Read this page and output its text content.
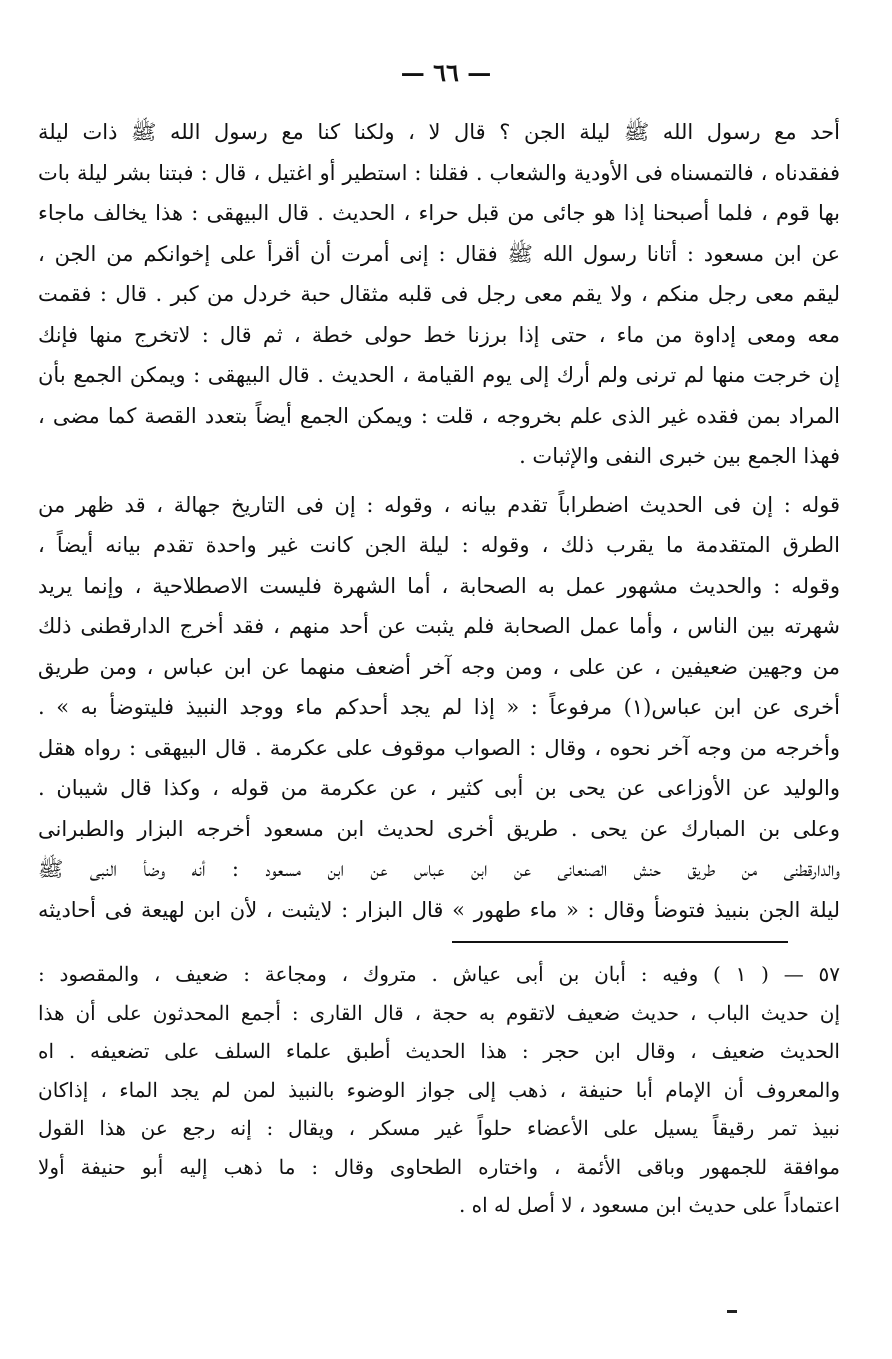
— ٦٦ —
أحد مع رسول الله ﷺ ليلة الجن ؟ قال لا ، ولكنا كنا مع رسول الله ﷺ ذات ليلة
ففقدناه ، فالتمسناه فى الأودية والشعاب . فقلنا : استطير أو اغتيل ، قال : فبتنا بشر ليلة بات
بها قوم ، فلما أصبحنا إذا هو جائى من قبل حراء ، الحديث . قال البيهقى : هذا يخالف ماجاء
عن ابن مسعود : أتانا رسول الله ﷺ فقال : إنى أمرت أن أقرأ على إخوانكم من الجن ،
ليقم معى رجل منكم ، ولا يقم معى رجل فى قلبه مثقال حبة خردل من كبر . قال : فقمت
معه ومعى إداوة من ماء ، حتى إذا برزنا خط حولى خطة ، ثم قال : لاتخرج منها فإنك
إن خرجت منها لم ترنى ولم أرك إلى يوم القيامة ، الحديث . قال البيهقى : ويمكن الجمع بأن
المراد بمن فقده غير الذى علم بخروجه ، قلت : ويمكن الجمع أيضاً بتعدد القصة كما مضى ،
فهذا الجمع بين خبرى النفى والإثبات .
قوله : إن فى الحديث اضطراباً تقدم بيانه ، وقوله : إن فى التاريخ جهالة ، قد ظهر من
الطرق المتقدمة ما يقرب ذلك ، وقوله : ليلة الجن كانت غير واحدة تقدم بيانه أيضاً ،
وقوله : والحديث مشهور عمل به الصحابة ، أما الشهرة فليست الاصطلاحية ، وإنما يريد
شهرته بين الناس ، وأما عمل الصحابة فلم يثبت عن أحد منهم ، فقد أخرج الدارقطنى ذلك
من وجهين ضعيفين ، عن على ، ومن وجه آخر أضعف منهما عن ابن عباس ، ومن طريق
أخرى عن ابن عباس(١) مرفوعاً : « إذا لم يجد أحدكم ماء ووجد النبيذ فليتوضأ به » .
وأخرجه من وجه آخر نحوه ، وقال : الصواب موقوف على عكرمة . قال البيهقى : رواه هقل
والوليد عن الأوزاعى عن يحى بن أبى كثير ، عن عكرمة من قوله ، وكذا قال شيبان .
وعلى بن المبارك عن يحى . طريق أخرى لحديث ابن مسعود أخرجه البزار والطبرانى
والدارقطنى من طريق حنش الصنعانى عن ابن عباس عن ابن مسعود : أنه وضأ النبى ﷺ
ليلة الجن بنبيذ فتوضأ وقال : « ماء طهور » قال البزار : لايثبت ، لأن ابن لهيعة فى أحاديثه
٥٧ — ( ١ ) وفيه : أبان بن أبى عياش . متروك ، ومجاعة : ضعيف ، والمقصود :
إن حديث الباب ، حديث ضعيف لاتقوم به حجة ، قال القارى : أجمع المحدثون على أن هذا
الحديث ضعيف ، وقال ابن حجر : هذا الحديث أطبق علماء السلف على تضعيفه . اه
والمعروف أن الإمام أبا حنيفة ، ذهب إلى جواز الوضوء بالنبيذ لمن لم يجد الماء ، إذاكان
نبيذ تمر رقيقاً يسيل على الأعضاء حلواً غير مسكر ، ويقال : إنه رجع عن هذا القول
موافقة للجمهور وباقى الأئمة ، واختاره الطحاوى وقال : ما ذهب إليه أبو حنيفة أولا
اعتماداً على حديث ابن مسعود ، لا أصل له اه .
